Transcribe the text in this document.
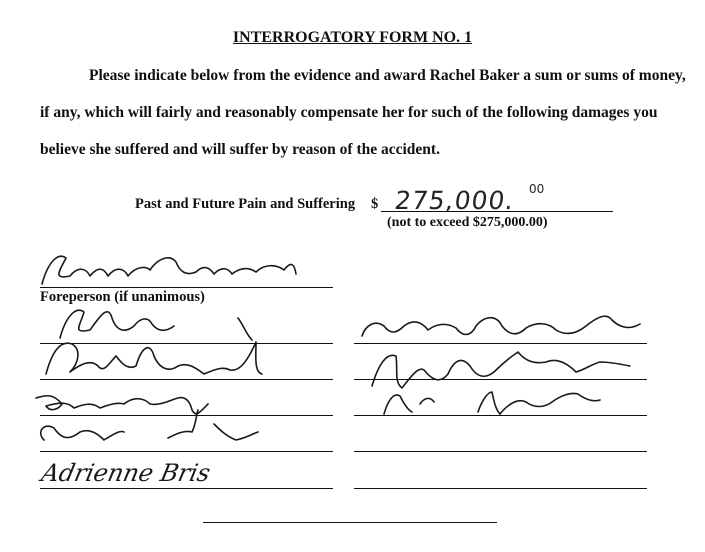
INTERROGATORY FORM NO. 1
Please indicate below from the evidence and award Rachel Baker a sum or sums of money,
if any, which will fairly and reasonably compensate her for such of the following damages you
believe she suffered and will suffer by reason of the accident.
Past and Future Pain and Suffering $ 275,000. 00
(not to exceed $275,000.00)
Foreperson (if unanimous)
Adrienne Bris
